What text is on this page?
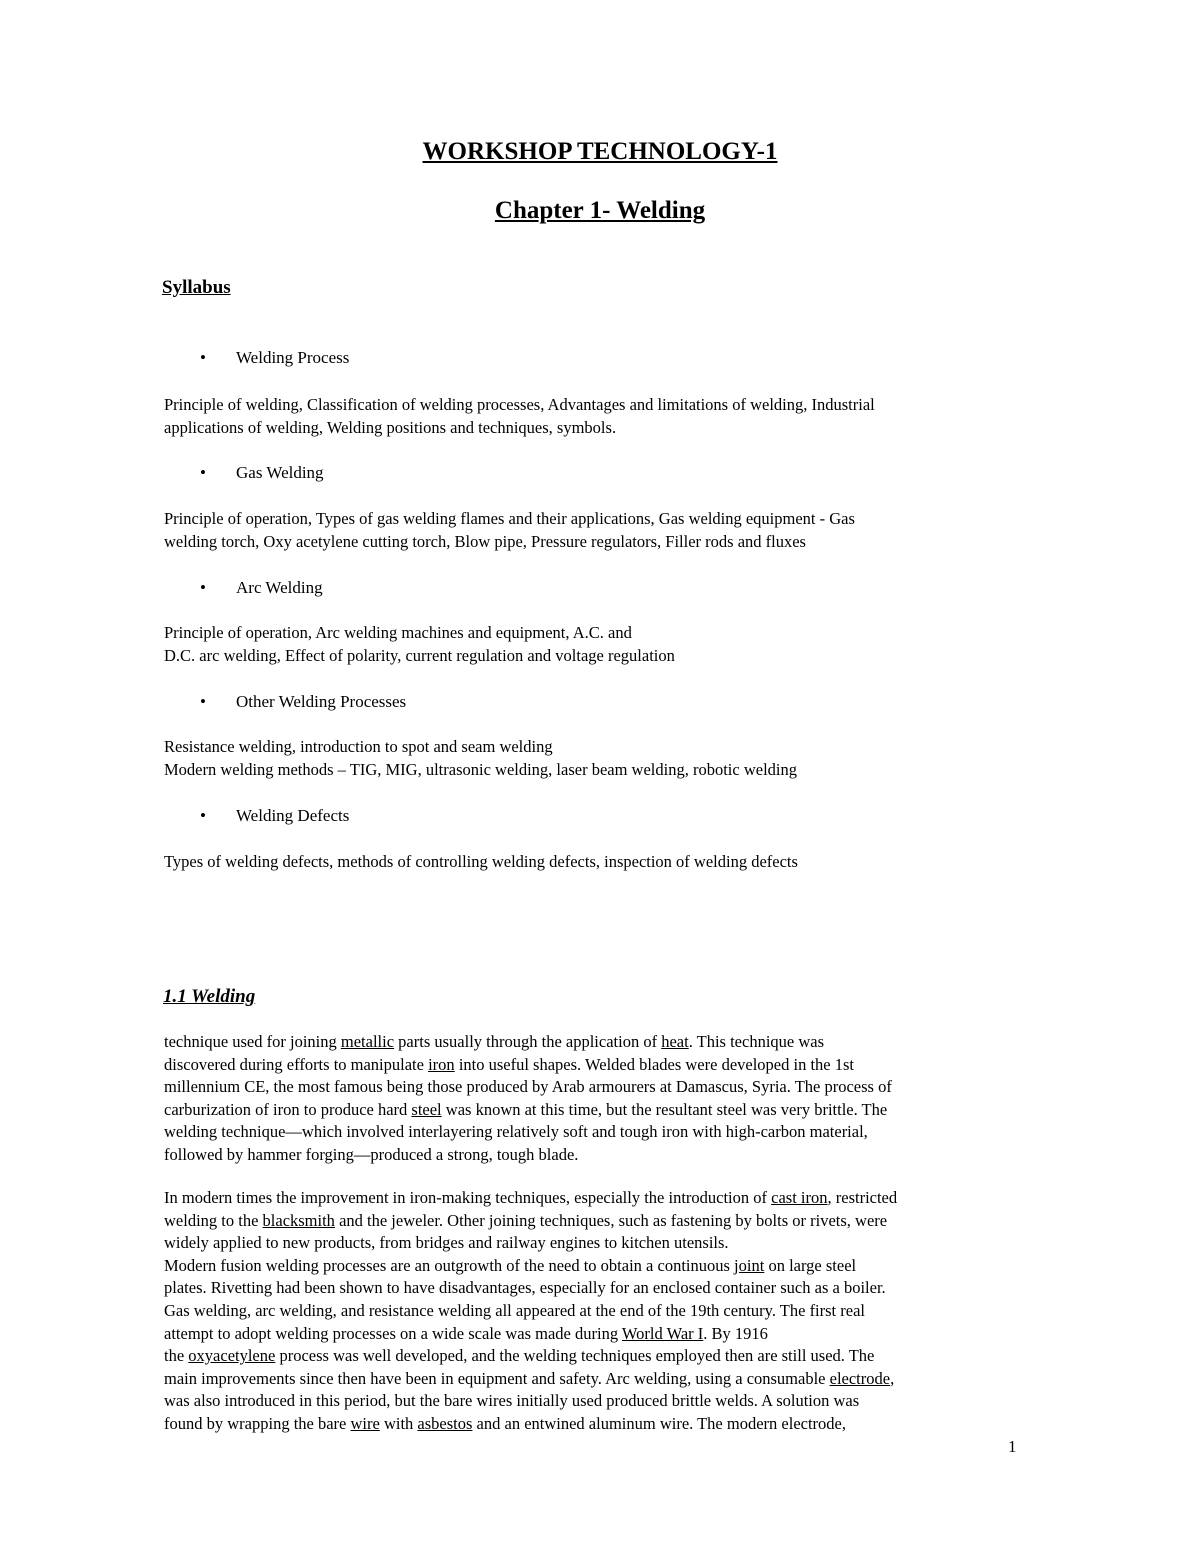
WORKSHOP TECHNOLOGY-1
Chapter 1- Welding
Syllabus
• Welding Process

Principle of welding, Classification of welding processes, Advantages and limitations of welding, Industrial

applications of welding, Welding positions and techniques, symbols.

• Gas Welding

Principle of operation, Types of gas welding flames and their applications, Gas welding equipment - Gas

welding torch, Oxy acetylene cutting torch, Blow pipe, Pressure regulators, Filler rods and fluxes

• Arc Welding

Principle of operation, Arc welding machines and equipment, A.C. and

D.C. arc welding, Effect of polarity, current regulation and voltage regulation

• Other Welding Processes

Resistance welding, introduction to spot and seam welding

Modern welding methods – TIG, MIG, ultrasonic welding, laser beam welding, robotic welding

• Welding Defects

Types of welding defects, methods of controlling welding defects, inspection of welding defects

1.1 Welding
technique used for joining metallic parts usually through the application of heat. This technique was
discovered during efforts to manipulate iron into useful shapes. Welded blades were developed in the 1st
millennium CE, the most famous being those produced by Arab armourers at Damascus, Syria. The process of
carburization of iron to produce hard steel was known at this time, but the resultant steel was very brittle. The
welding technique—which involved interlayering relatively soft and tough iron with high-carbon material,
followed by hammer forging—produced a strong, tough blade.
In modern times the improvement in iron-making techniques, especially the introduction of cast iron, restricted
welding to the blacksmith and the jeweler. Other joining techniques, such as fastening by bolts or rivets, were
widely applied to new products, from bridges and railway engines to kitchen utensils.
Modern fusion welding processes are an outgrowth of the need to obtain a continuous joint on large steel
plates. Rivetting had been shown to have disadvantages, especially for an enclosed container such as a boiler.
Gas welding, arc welding, and resistance welding all appeared at the end of the 19th century. The first real
attempt to adopt welding processes on a wide scale was made during World War I. By 1916
the oxyacetylene process was well developed, and the welding techniques employed then are still used. The
main improvements since then have been in equipment and safety. Arc welding, using a consumable electrode,
was also introduced in this period, but the bare wires initially used produced brittle welds. A solution was
found by wrapping the bare wire with asbestos and an entwined aluminum wire. The modern electrode,
1
